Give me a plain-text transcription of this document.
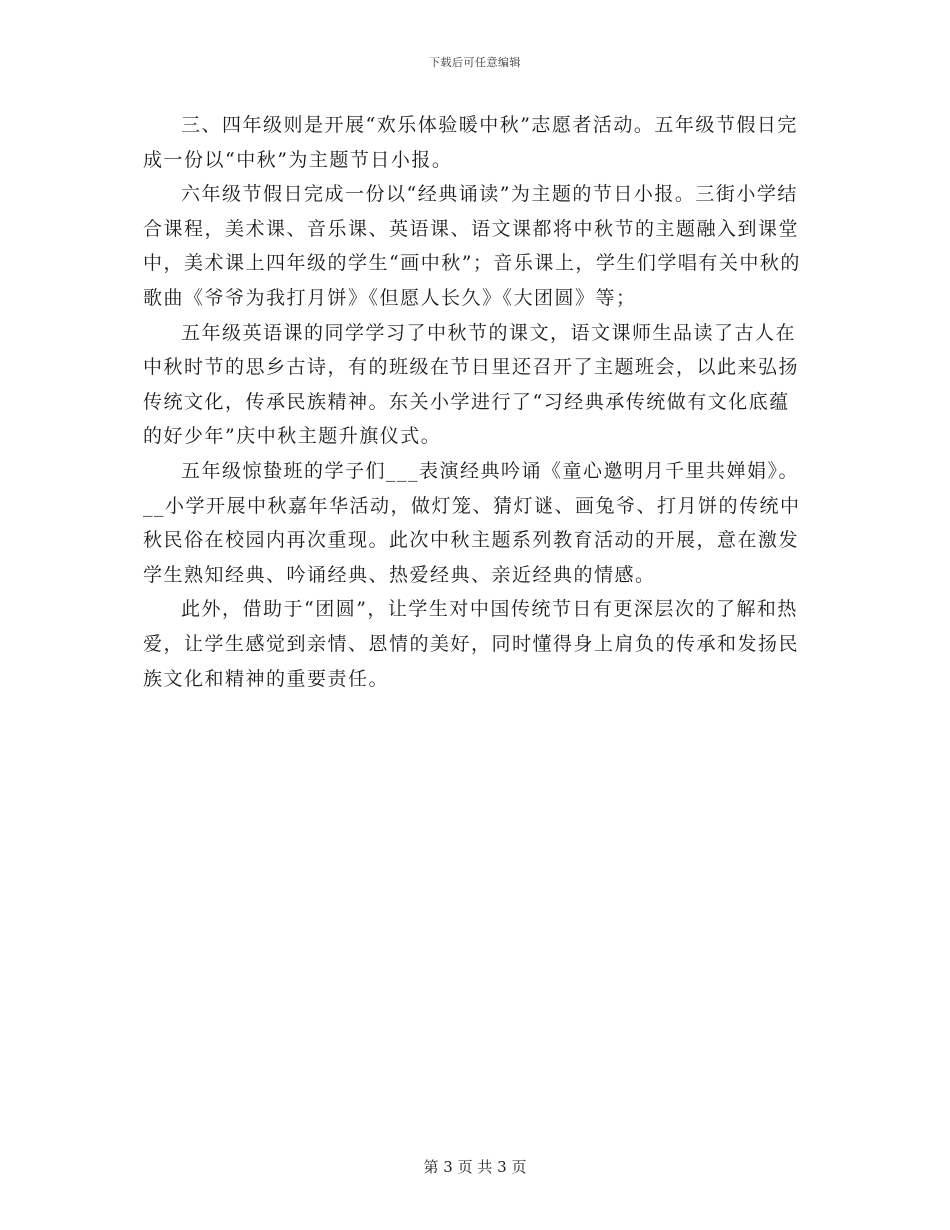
下载后可任意编辑

三、四年级则是开展“欢乐体验暖中秋”志愿者活动。五年级节假日完成一份以“中秋”为主题节日小报。

六年级节假日完成一份以“经典诵读”为主题的节日小报。三街小学结合课程，美术课、音乐课、英语课、语文课都将中秋节的主题融入到课堂中，美术课上四年级的学生“画中秋”；音乐课上，学生们学唱有关中秋的歌曲《爷爷为我打月饼》《但愿人长久》《大团圆》等；

五年级英语课的同学学习了中秋节的课文，语文课师生品读了古人在中秋时节的思乡古诗，有的班级在节日里还召开了主题班会，以此来弘扬传统文化，传承民族精神。东关小学进行了“习经典承传统做有文化底蕴的好少年”庆中秋主题升旗仪式。

五年级惊蛰班的学子们___表演经典吟诵《童心邀明月千里共婵娟》。__小学开展中秋嘉年华活动，做灯笼、猜灯谜、画兔爷、打月饼的传统中秋民俗在校园内再次重现。此次中秋主题系列教育活动的开展，意在激发学生熟知经典、吟诵经典、热爱经典、亲近经典的情感。

此外，借助于“团圆”，让学生对中国传统节日有更深层次的了解和热爱，让学生感觉到亲情、恩情的美好，同时懂得身上肩负的传承和发扬民族文化和精神的重要责任。

第 3 页 共 3 页
